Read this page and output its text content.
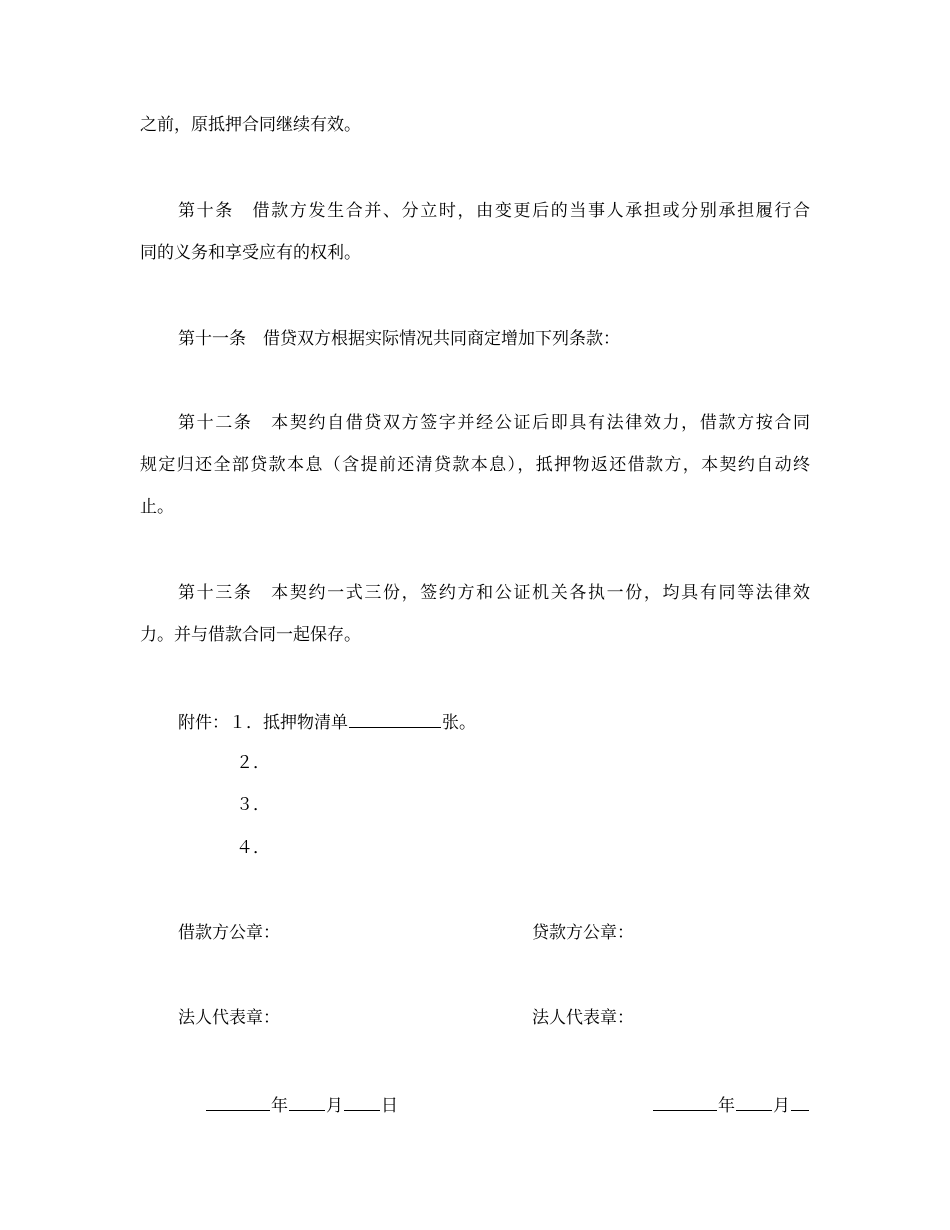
之前，原抵押合同继续有效。
第十条　借款方发生合并、分立时，由变更后的当事人承担或分别承担履行合
同的义务和享受应有的权利。
第十一条　借贷双方根据实际情况共同商定增加下列条款：
第十二条　本契约自借贷双方签字并经公证后即具有法律效力，借款方按合同
规定归还全部贷款本息（含提前还清贷款本息），抵押物返还借款方，本契约自动终
止。
第十三条　本契约一式三份，签约方和公证机关各执一份，均具有同等法律效
力。并与借款合同一起保存。
附件：１．抵押物清单	张。
２．
３．
４．
借款方公章：	贷款方公章：
法人代表章：	法人代表章：
年 月 日	年 月
